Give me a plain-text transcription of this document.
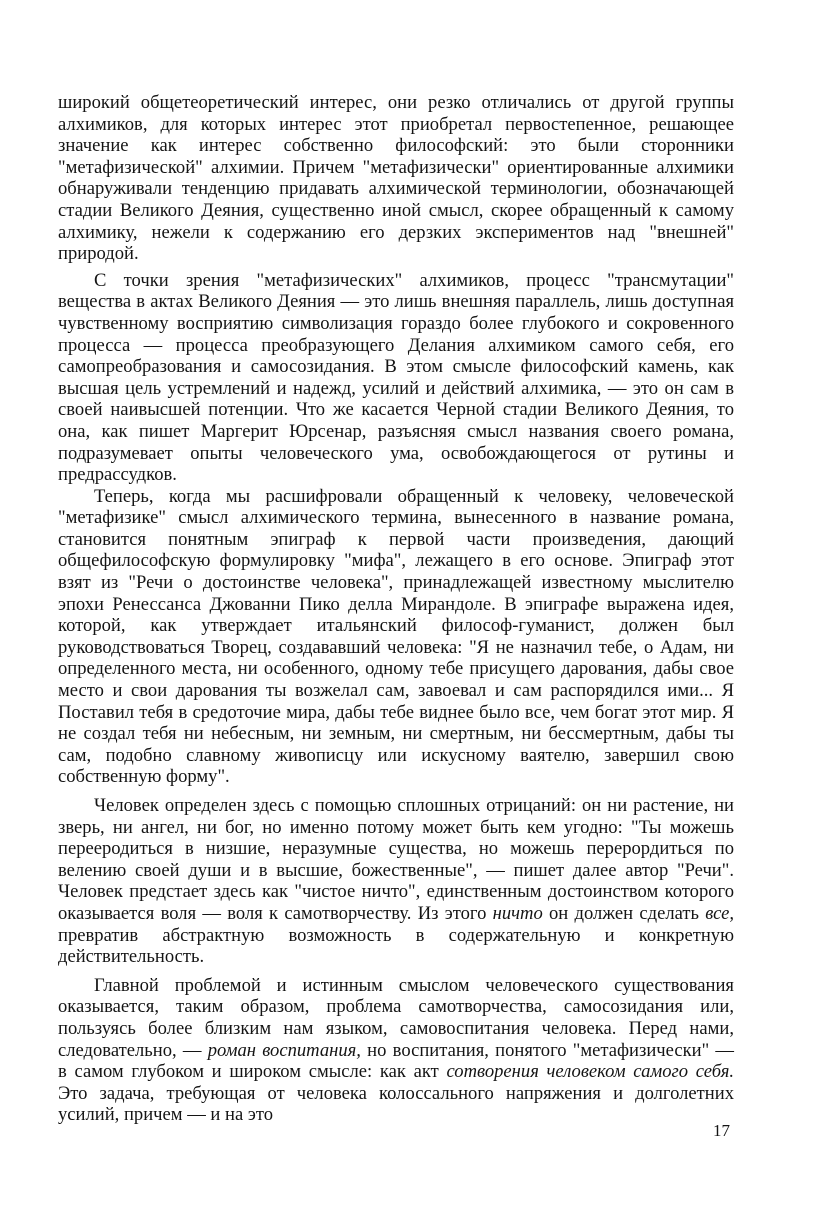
широкий общетеоретический интерес, они резко отличались от другой группы алхимиков, для которых интерес этот приобретал первостепенное, решающее значение как интерес собственно философский: это были сторонники "метафизической" алхимии. Причем "метафизически" ориентированные алхимики обнаруживали тенденцию придавать алхимической терминологии, обозначающей стадии Великого Деяния, существенно иной смысл, скорее обращенный к самому алхимику, нежели к содержанию его дерзких экспериментов над "внешней" природой.

С точки зрения "метафизических" алхимиков, процесс "трансмутации" вещества в актах Великого Деяния — это лишь внешняя параллель, лишь доступная чувственному восприятию символизация гораздо более глубокого и сокровенного процесса — процесса преобразующего Делания алхимиком самого себя, его самопреобразования и самосозидания. В этом смысле философский камень, как высшая цель устремлений и надежд, усилий и действий алхимика, — это он сам в своей наивысшей потенции. Что же касается Черной стадии Великого Деяния, то она, как пишет Маргерит Юрсенар, разъясняя смысл названия своего романа, подразумевает опыты человеческого ума, освобождающегося от рутины и предрассудков.

Теперь, когда мы расшифровали обращенный к человеку, человеческой "метафизике" смысл алхимического термина, вынесенного в название романа, становится понятным эпиграф к первой части произведения, дающий общефилософскую формулировку "мифа", лежащего в его основе. Эпиграф этот взят из "Речи о достоинстве человека", принадлежащей известному мыслителю эпохи Ренессанса Джованни Пико делла Мирандоле. В эпиграфе выражена идея, которой, как утверждает итальянский философ-гуманист, должен был руководствоваться Творец, создававший человека: "Я не назначил тебе, о Адам, ни определенного места, ни особенного, одному тебе присущего дарования, дабы свое место и свои дарования ты возжелал сам, завоевал и сам распорядился ими... Я Поставил тебя в средоточие мира, дабы тебе виднее было все, чем богат этот мир. Я не создал тебя ни небесным, ни земным, ни смертным, ни бессмертным, дабы ты сам, подобно славному живописцу или искусному ваятелю, завершил свою собственную форму".

Человек определен здесь с помощью сплошных отрицаний: он ни растение, ни зверь, ни ангел, ни бог, но именно потому может быть кем угодно: "Ты можешь перееродиться в низшие, неразумные существа, но можешь перерордиться по велению своей души и в высшие, божественные", — пишет далее автор "Речи". Человек предстает здесь как "чистое ничто", единственным достоинством которого оказывается воля — воля к самотворчеству. Из этого ничто он должен сделать все, превратив абстрактную возможность в содержательную и конкретную действительность.

Главной проблемой и истинным смыслом человеческого существования оказывается, таким образом, проблема самотворчества, самосозидания или, пользуясь более близким нам языком, самовоспитания человека. Перед нами, следовательно, — роман воспитания, но воспитания, понятого "метафизически" — в самом глубоком и широком смысле: как акт сотворения человеком самого себя. Это задача, требующая от человека колоссального напряжения и долголетних усилий, причем — и на это

17
